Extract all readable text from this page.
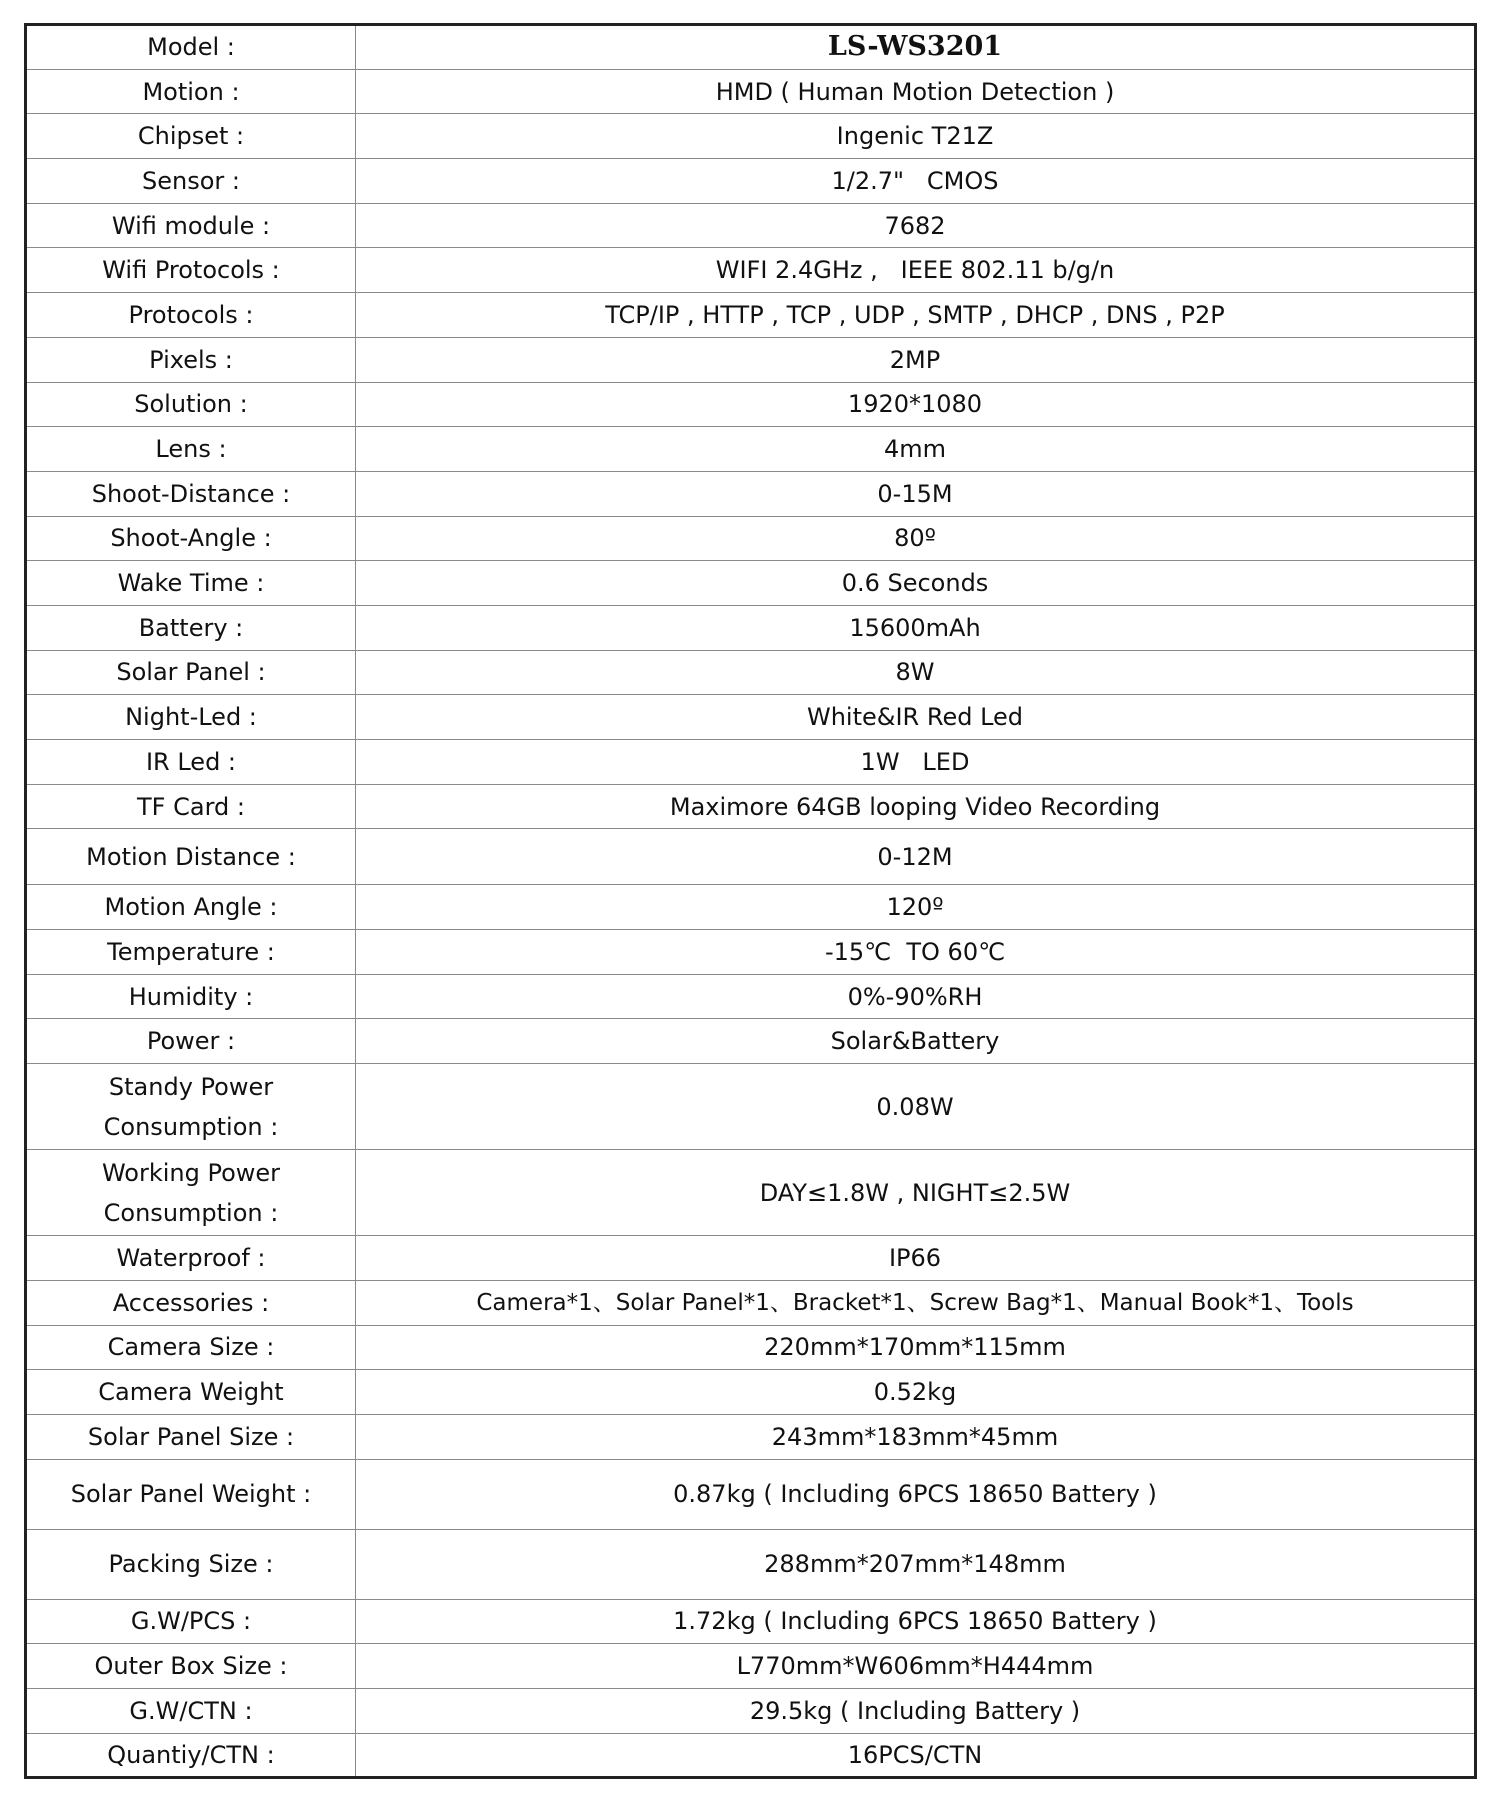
Model :	LS-WS3201
Motion :	HMD ( Human Motion Detection )
Chipset :	Ingenic T21Z
Sensor :	1/2.7"   CMOS
Wifi module :	7682
Wifi Protocols :	WIFI 2.4GHz ,   IEEE 802.11 b/g/n
Protocols :	TCP/IP , HTTP , TCP , UDP , SMTP , DHCP , DNS , P2P
Pixels :	2MP
Solution :	1920*1080
Lens :	4mm
Shoot-Distance :	0-15M
Shoot-Angle :	80º
Wake Time :	0.6 Seconds
Battery :	15600mAh
Solar Panel :	8W
Night-Led :	White&IR Red Led
IR Led :	1W   LED
TF Card :	Maximore 64GB looping Video Recording
Motion Distance :	0-12M
Motion Angle :	120º
Temperature :	-15℃  TO 60℃
Humidity :	0%-90%RH
Power :	Solar&Battery

Standy Power
Consumption :	0.08W

Working Power
Consumption :	DAY≤1.8W , NIGHT≤2.5W
Waterproof :	IP66
Accessories :	Camera*1、Solar Panel*1、Bracket*1、Screw Bag*1、Manual Book*1、Tools
Camera Size :	220mm*170mm*115mm
Camera Weight	0.52kg
Solar Panel Size :	243mm*183mm*45mm
Solar Panel Weight :	0.87kg ( Including 6PCS 18650 Battery )
Packing Size :	288mm*207mm*148mm
G.W/PCS :	1.72kg ( Including 6PCS 18650 Battery )
Outer Box Size :	L770mm*W606mm*H444mm
G.W/CTN :	29.5kg ( Including Battery )
Quantiy/CTN :	16PCS/CTN
